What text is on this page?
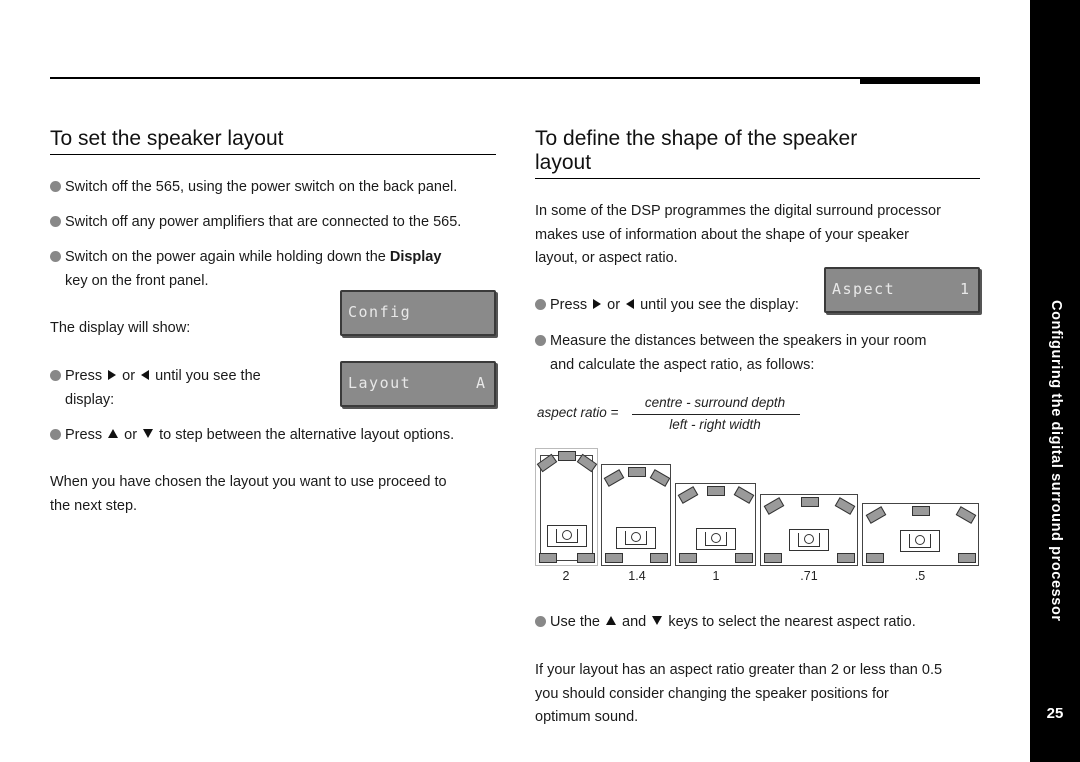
Configuring the digital surround processor
25
To set the speaker layout
Switch off the 565, using the power switch on the back panel.
Switch off any power amplifiers that are connected to the 565.
Switch on the power again while holding down the Display
key on the front panel.
Config
The display will show:
Layout	A
Press or until you see the
display:
Press or to step between the alternative layout options.
When you have chosen the layout you want to use proceed to
the next step.
To define the shape of the speaker
layout
In some of the DSP programmes the digital surround processor
makes use of information about the shape of your speaker
layout, or aspect ratio.
Aspect	1
Press or until you see the display:
Measure the distances between the speakers in your room
and calculate the aspect ratio, as follows:
aspect ratio =
centre - surround depth
left - right width
2	1.4	1	.71	.5
Use the and keys to select the nearest aspect ratio.
If your layout has an aspect ratio greater than 2 or less than 0.5
you should consider changing the speaker positions for
optimum sound.
